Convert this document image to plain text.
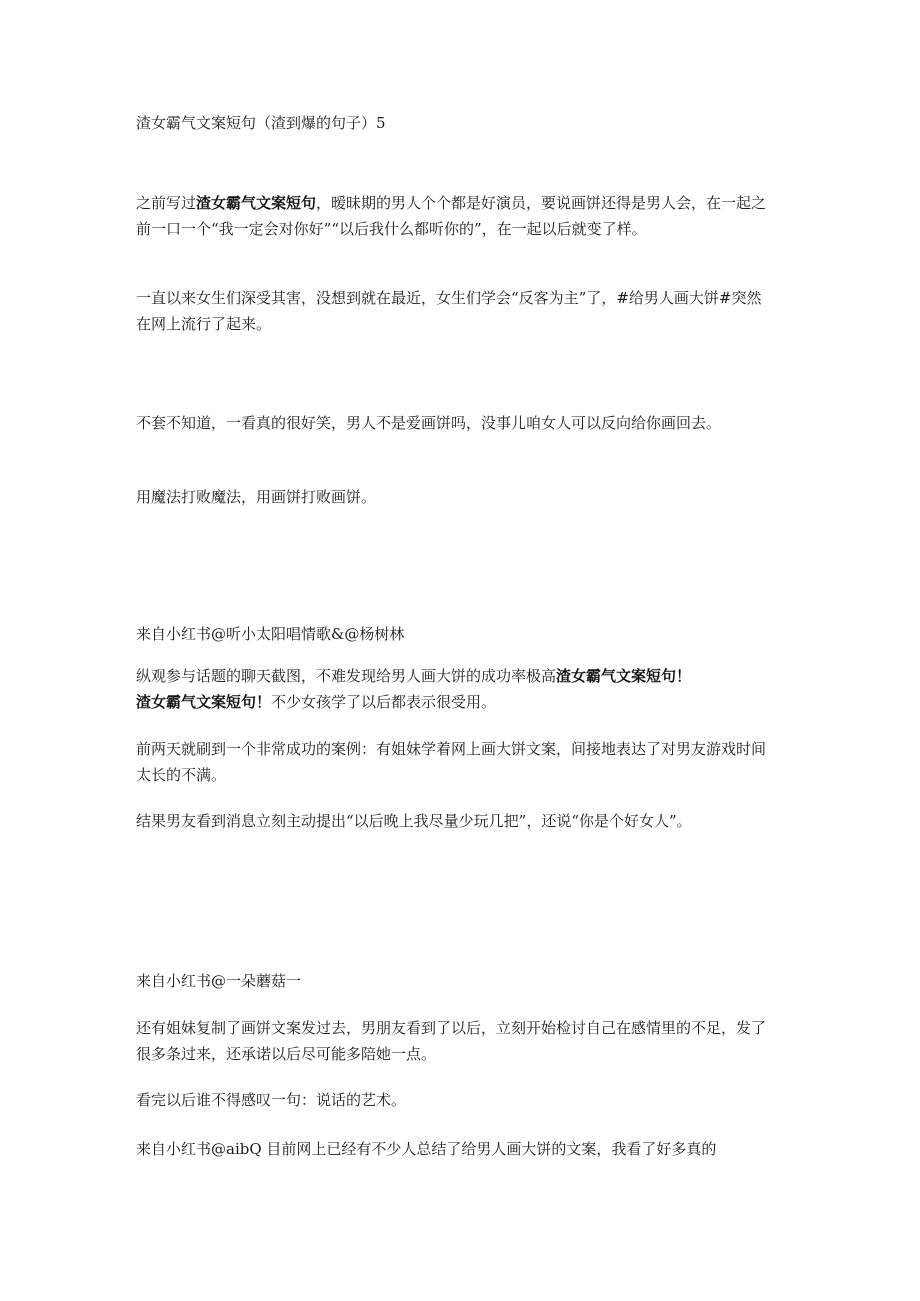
渣女霸气文案短句（渣到爆的句子）5

之前写过渣女霸气文案短句，暧昧期的男人个个都是好演员，要说画饼还得是男人会，在一起之前一口一个“我一定会对你好”“以后我什么都听你的”，在一起以后就变了样。

一直以来女生们深受其害，没想到就在最近，女生们学会“反客为主”了，#给男人画大饼#突然在网上流行了起来。

不套不知道，一看真的很好笑，男人不是爱画饼吗，没事儿咱女人可以反向给你画回去。

用魔法打败魔法，用画饼打败画饼。

来自小红书@听小太阳唱情歌&@杨树林

纵观参与话题的聊天截图，不难发现给男人画大饼的成功率极高渣女霸气文案短句！
渣女霸气文案短句！不少女孩学了以后都表示很受用。

前两天就刷到一个非常成功的案例：有姐妹学着网上画大饼文案，间接地表达了对男友游戏时间太长的不满。

结果男友看到消息立刻主动提出“以后晚上我尽量少玩几把”，还说“你是个好女人”。

来自小红书@一朵蘑菇一

还有姐妹复制了画饼文案发过去，男朋友看到了以后，立刻开始检讨自己在感情里的不足，发了很多条过来，还承诺以后尽可能多陪她一点。

看完以后谁不得感叹一句：说话的艺术。

来自小红书@aibQ 目前网上已经有不少人总结了给男人画大饼的文案，我看了好多真的
